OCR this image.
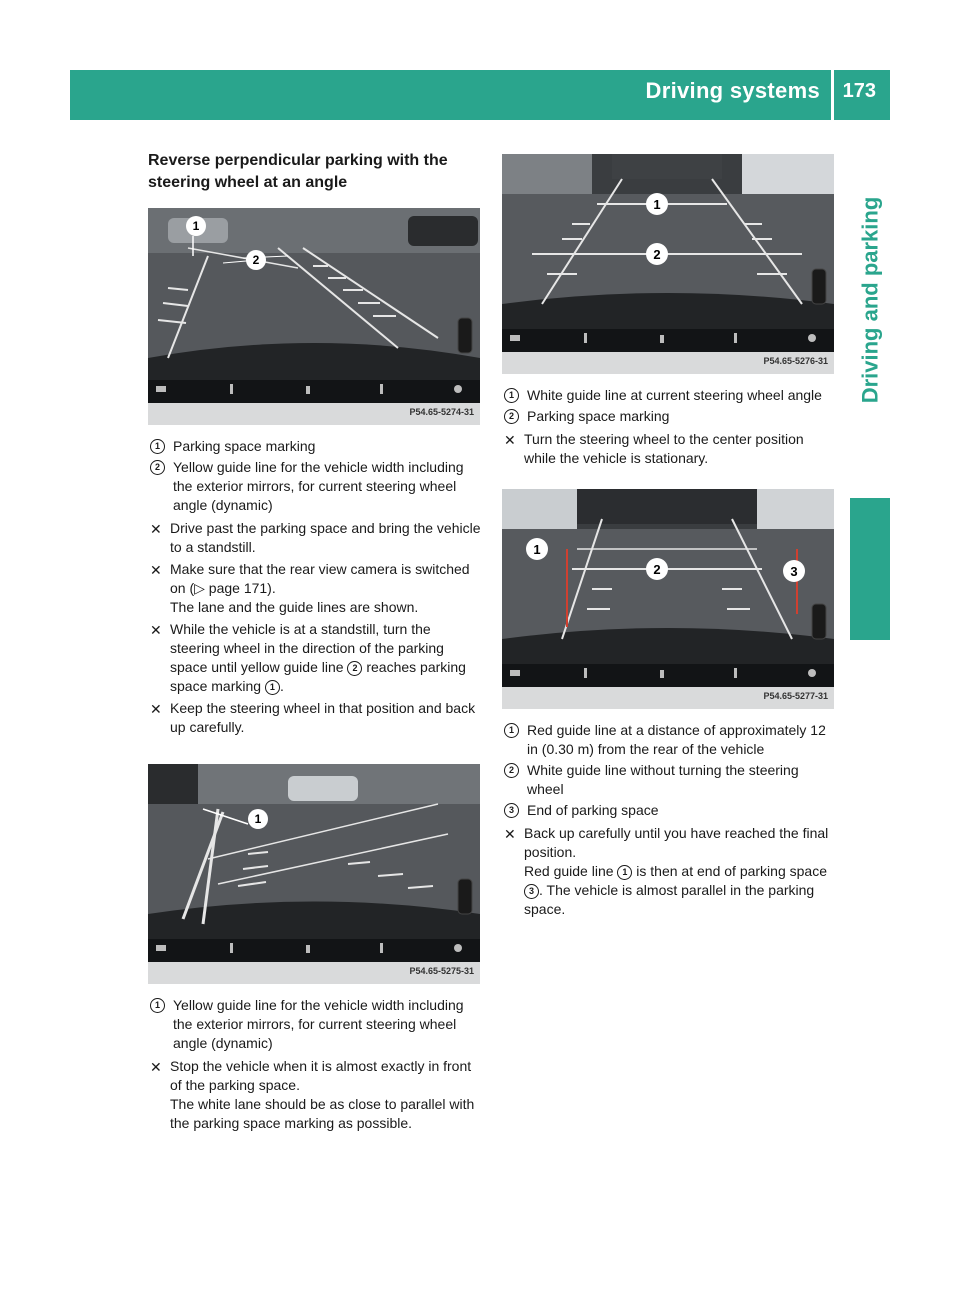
Driving systems 173
Driving and parking
Reverse perpendicular parking with the steering wheel at an angle
1
2
P54.65-5274-31
1 Parking space marking
2 Yellow guide line for the vehicle width including the exterior mirrors, for current steering wheel angle (dynamic)
✕ Drive past the parking space and bring the vehicle to a standstill.
✕ Make sure that the rear view camera is switched on (▷ page 171).
The lane and the guide lines are shown.
✕ While the vehicle is at a standstill, turn the steering wheel in the direction of the parking space until yellow guide line 2 reaches parking space marking 1 .
✕ Keep the steering wheel in that position and back up carefully.
1
P54.65-5275-31
1 Yellow guide line for the vehicle width including the exterior mirrors, for current steering wheel angle (dynamic)
✕ Stop the vehicle when it is almost exactly in front of the parking space.
The white lane should be as close to parallel with the parking space marking as possible.
1
2
P54.65-5276-31
1 White guide line at current steering wheel angle
2 Parking space marking
✕ Turn the steering wheel to the center position while the vehicle is stationary.
1
2	3
P54.65-5277-31
1 Red guide line at a distance of approximately 12 in (0.30 m) from the rear of the vehicle
2 White guide line without turning the steering wheel
3 End of parking space
✕ Back up carefully until you have reached the final position.
Red guide line 1 is then at end of parking space 3 . The vehicle is almost parallel in the parking space.
